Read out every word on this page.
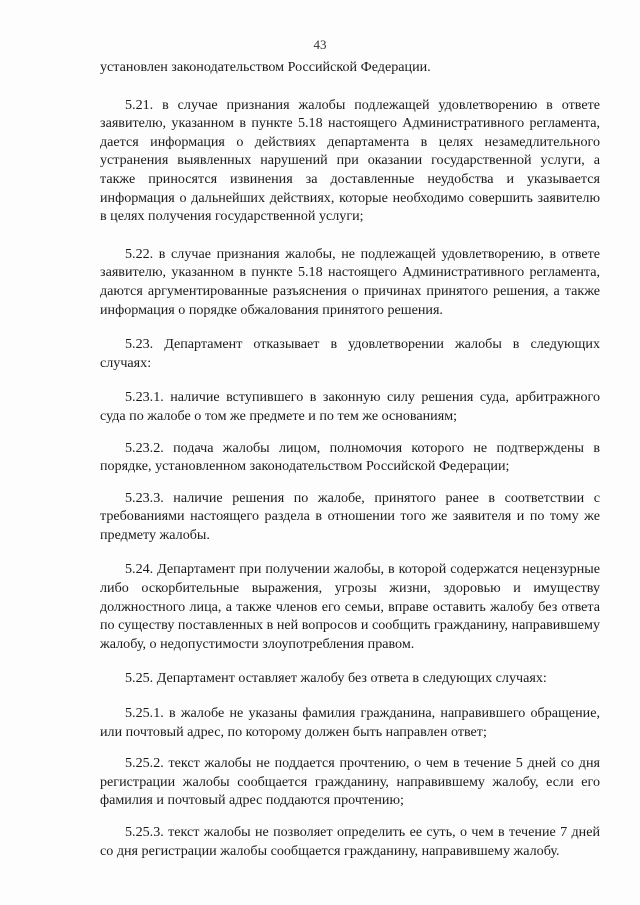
43

установлен законодательством Российской Федерации.

5.21. в случае признания жалобы подлежащей удовлетворению в ответе заявителю, указанном в пункте 5.18 настоящего Административного регламента, дается информация о действиях департамента в целях незамедлительного устранения выявленных нарушений при оказании государственной услуги, а также приносятся извинения за доставленные неудобства и указывается информация о дальнейших действиях, которые необходимо совершить заявителю в целях получения государственной услуги;

5.22. в случае признания жалобы, не подлежащей удовлетворению, в ответе заявителю, указанном в пункте 5.18 настоящего Административного регламента, даются аргументированные разъяснения о причинах принятого решения, а также информация о порядке обжалования принятого решения.

5.23. Департамент отказывает в удовлетворении жалобы в следующих случаях:

5.23.1. наличие вступившего в законную силу решения суда, арбитражного суда по жалобе о том же предмете и по тем же основаниям;

5.23.2. подача жалобы лицом, полномочия которого не подтверждены в порядке, установленном законодательством Российской Федерации;

5.23.3. наличие решения по жалобе, принятого ранее в соответствии с требованиями настоящего раздела в отношении того же заявителя и по тому же предмету жалобы.

5.24. Департамент при получении жалобы, в которой содержатся нецензурные либо оскорбительные выражения, угрозы жизни, здоровью и имуществу должностного лица, а также членов его семьи, вправе оставить жалобу без ответа по существу поставленных в ней вопросов и сообщить гражданину, направившему жалобу, о недопустимости злоупотребления правом.

5.25. Департамент оставляет жалобу без ответа в следующих случаях:

5.25.1. в жалобе не указаны фамилия гражданина, направившего обращение, или почтовый адрес, по которому должен быть направлен ответ;

5.25.2. текст жалобы не поддается прочтению, о чем в течение 5 дней со дня регистрации жалобы сообщается гражданину, направившему жалобу, если его фамилия и почтовый адрес поддаются прочтению;

5.25.3. текст жалобы не позволяет определить ее суть, о чем в течение 7 дней со дня регистрации жалобы сообщается гражданину, направившему жалобу.
